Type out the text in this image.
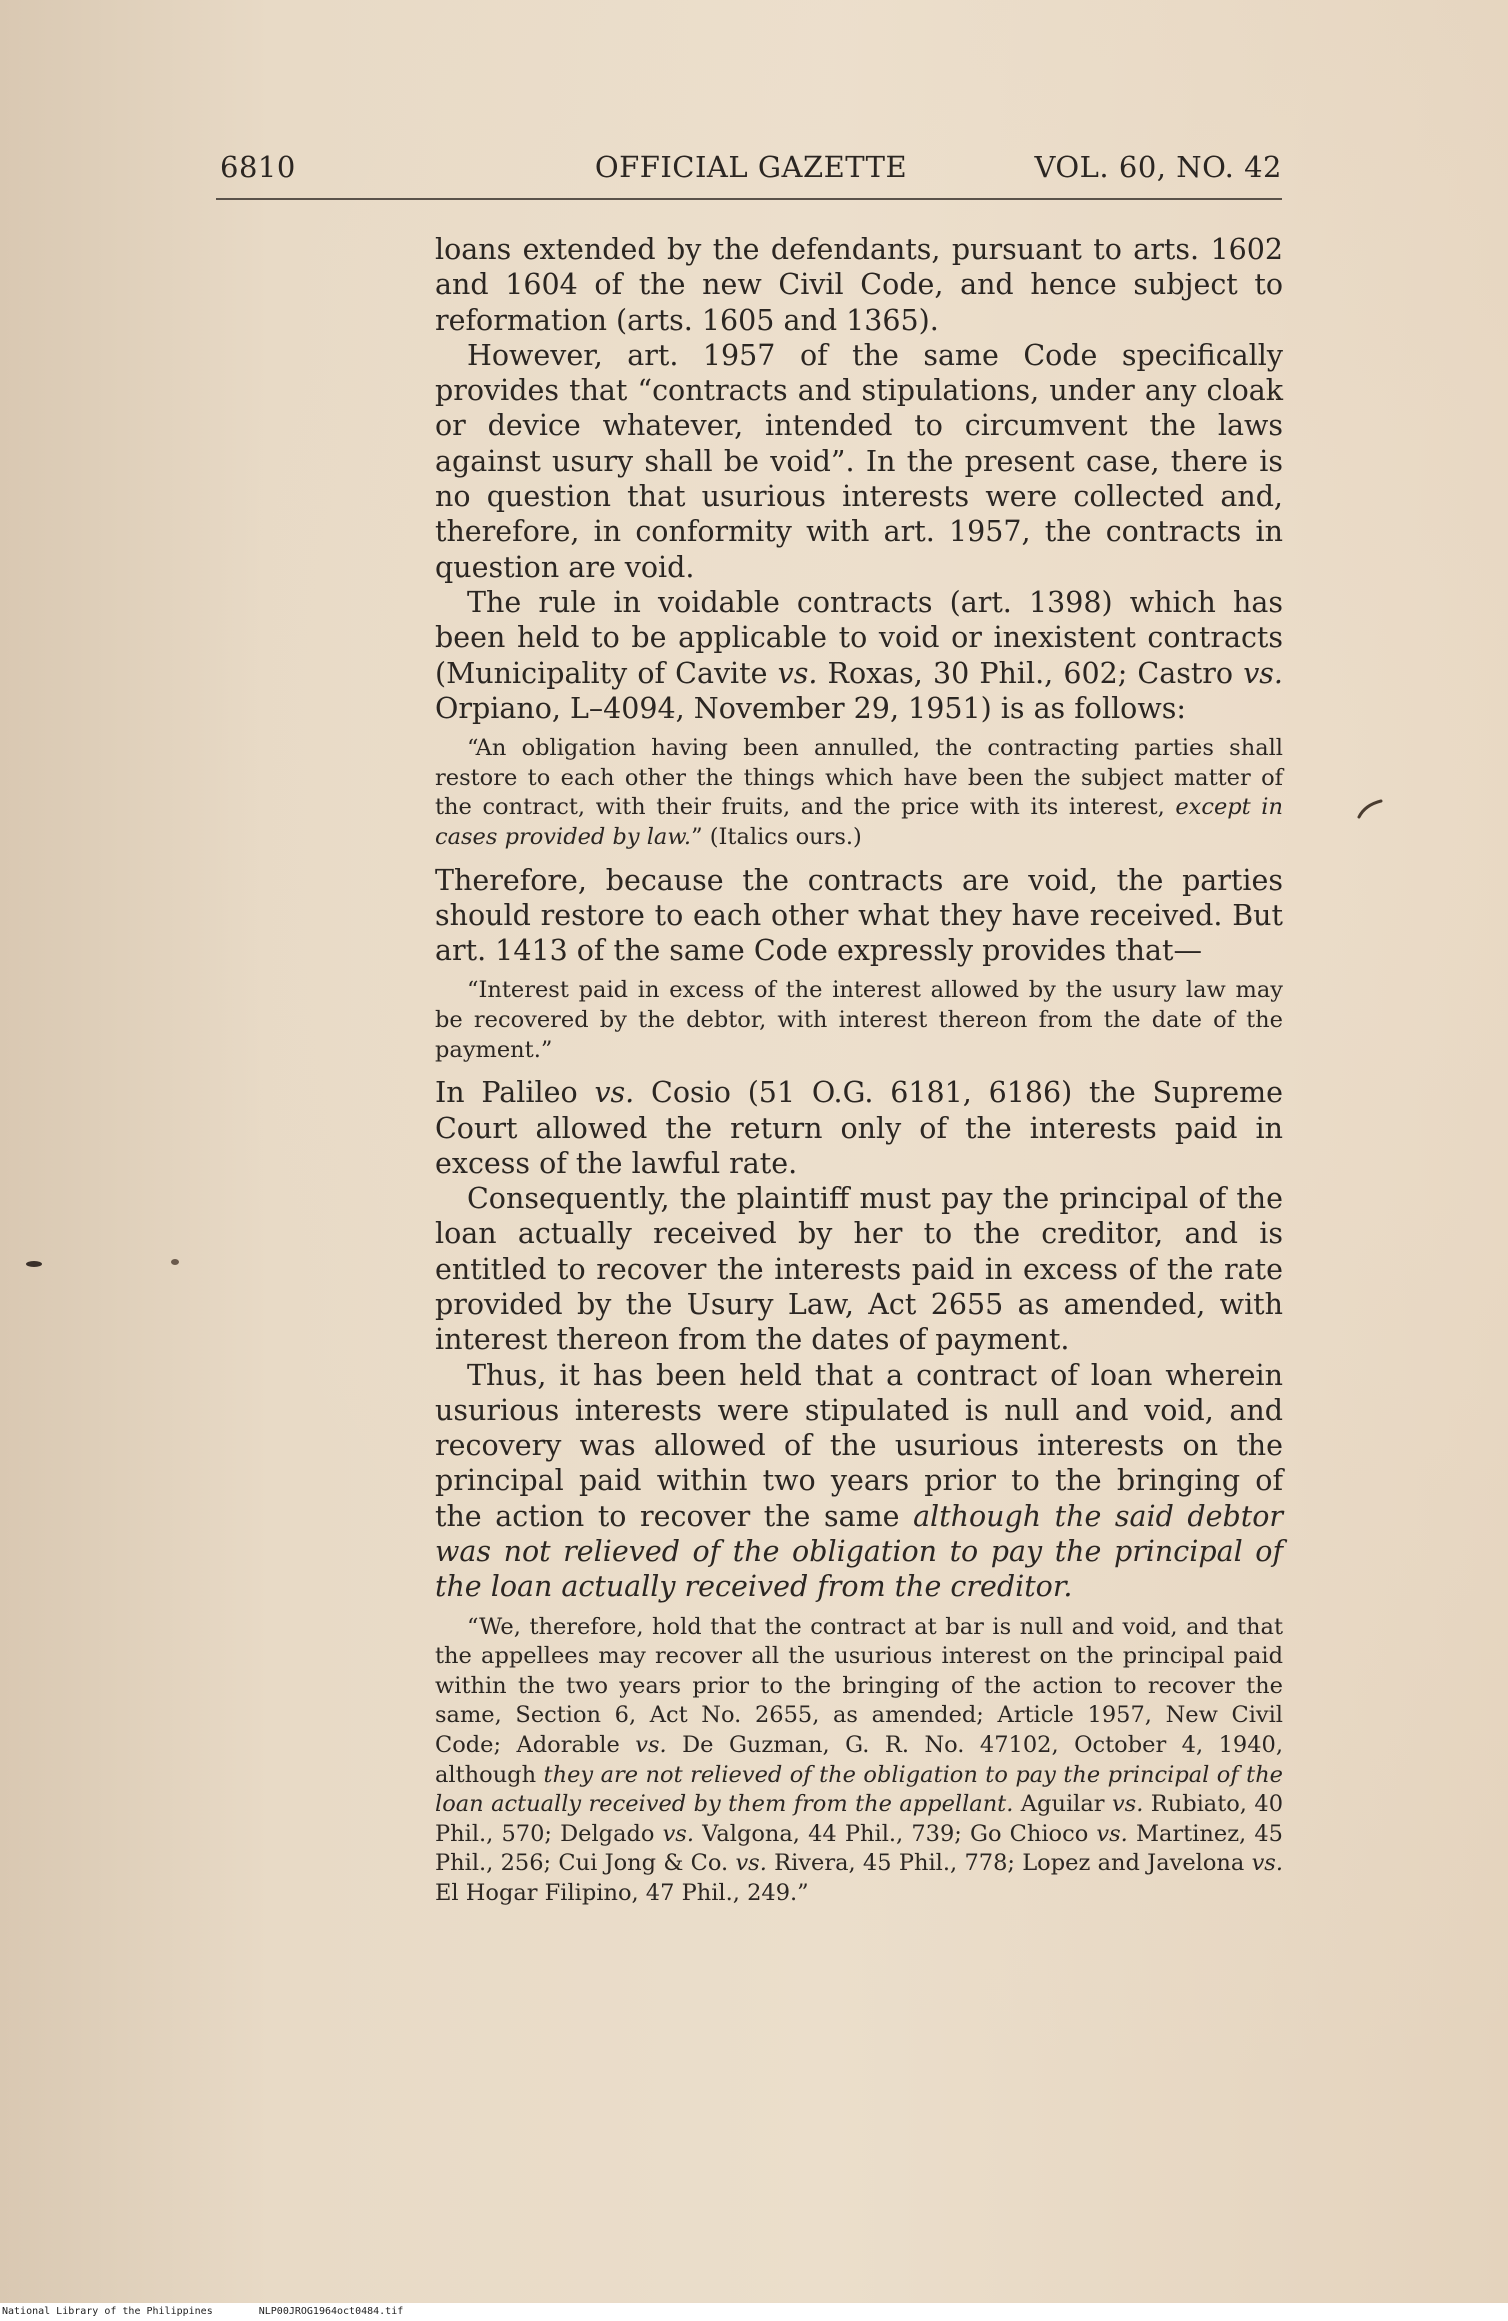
6810	OFFICIAL GAZETTE	VOL. 60, NO. 42

loans extended by the defendants, pursuant to arts. 1602 and 1604 of the new Civil Code, and hence subject to reformation (arts. 1605 and 1365).

However, art. 1957 of the same Code specifically provides that “contracts and stipulations, under any cloak or device whatever, intended to circumvent the laws against usury shall be void”. In the present case, there is no question that usurious interests were collected and, therefore, in conformity with art. 1957, the contracts in question are void.

The rule in voidable contracts (art. 1398) which has been held to be applicable to void or inexistent contracts (Municipality of Cavite vs. Roxas, 30 Phil., 602; Castro vs. Orpiano, L–4094, November 29, 1951) is as follows:

“An obligation having been annulled, the contracting parties shall restore to each other the things which have been the subject matter of the contract, with their fruits, and the price with its interest, except in cases provided by law.” (Italics ours.)

Therefore, because the contracts are void, the parties should restore to each other what they have received. But art. 1413 of the same Code expressly provides that—

“Interest paid in excess of the interest allowed by the usury law may be recovered by the debtor, with interest thereon from the date of the payment.”

In Palileo vs. Cosio (51 O.G. 6181, 6186) the Supreme Court allowed the return only of the interests paid in excess of the lawful rate.

Consequently, the plaintiff must pay the principal of the loan actually received by her to the creditor, and is entitled to recover the interests paid in excess of the rate provided by the Usury Law, Act 2655 as amended, with interest thereon from the dates of payment.

Thus, it has been held that a contract of loan wherein usurious interests were stipulated is null and void, and recovery was allowed of the usurious interests on the principal paid within two years prior to the bringing of the action to recover the same although the said debtor was not relieved of the obligation to pay the principal of the loan actually received from the creditor.

“We, therefore, hold that the contract at bar is null and void, and that the appellees may recover all the usurious interest on the principal paid within the two years prior to the bringing of the action to recover the same, Section 6, Act No. 2655, as amended; Article 1957, New Civil Code; Adorable vs. De Guzman, G. R. No. 47102, October 4, 1940, although they are not relieved of the obligation to pay the principal of the loan actually received by them from the appellant. Aguilar vs. Rubiato, 40 Phil., 570; Delgado vs. Valgona, 44 Phil., 739; Go Chioco vs. Martinez, 45 Phil., 256; Cui Jong & Co. vs. Rivera, 45 Phil., 778; Lopez and Javelona vs. El Hogar Filipino, 47 Phil., 249.”

National Library of the Philippines	NLP00JROG1964oct0484.tif
